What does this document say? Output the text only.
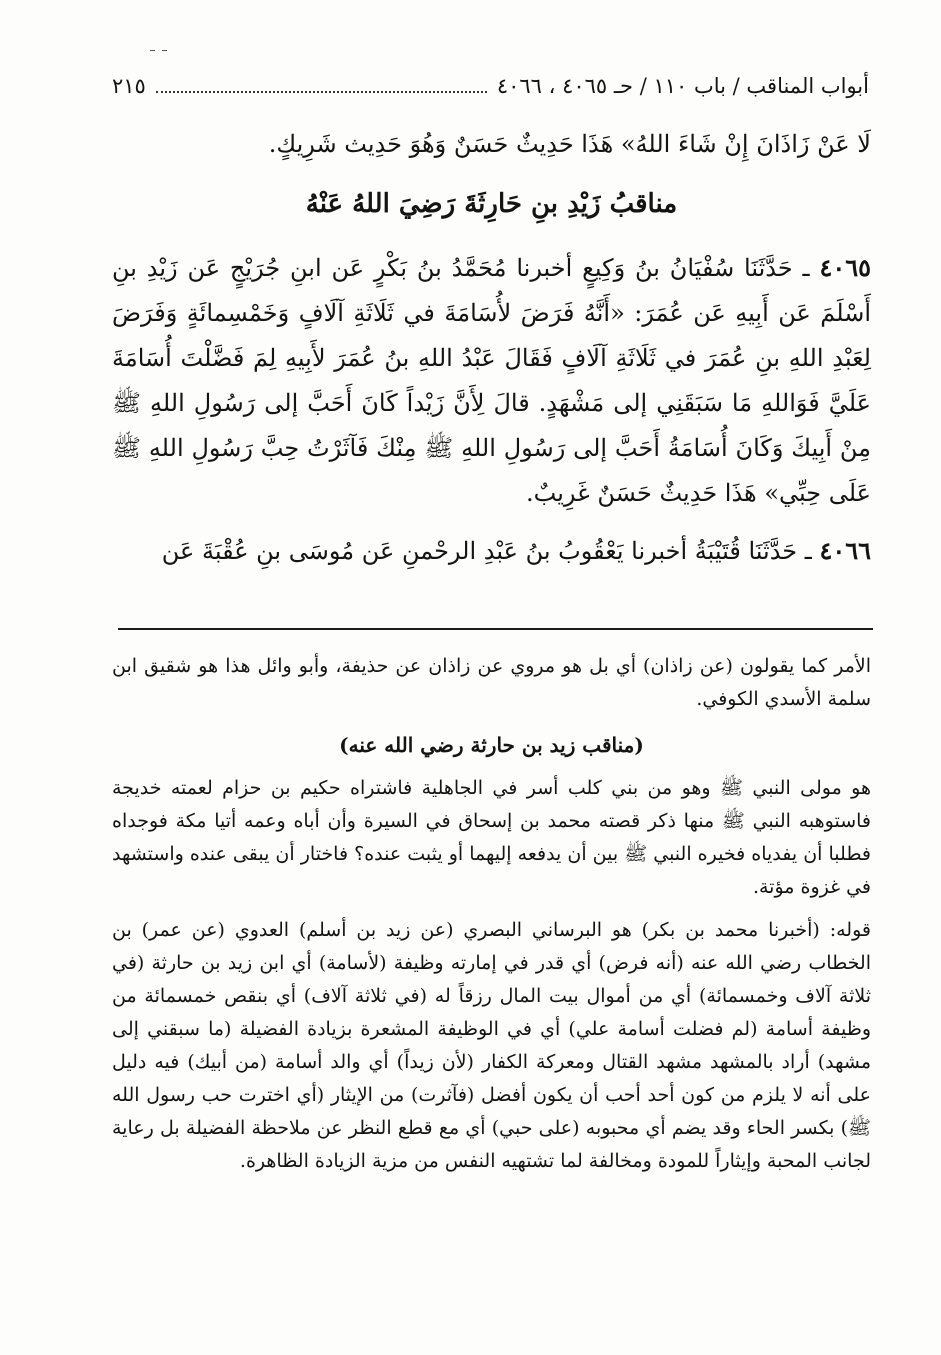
أبواب المناقب / باب ١١٠ / حـ ٤٠٦٥ ، ٤٠٦٦
٢١٥

لَا عَنْ زَاذَانَ إِنْ شَاءَ اللهُ» هَذَا حَدِيثٌ حَسَنٌ وَهُوَ حَدِيث شَرِيكٍ.

مناقبُ زَيْدِ بنِ حَارِثَةَ رَضِيَ اللهُ عَنْهُ

٤٠٦٥ ـ حَدَّثَنَا سُفْيَانُ بنُ وَكِيعٍ أخبرنا مُحَمَّدُ بنُ بَكْرٍ عَن ابنِ جُرَيْجٍ عَن زَيْدِ بنِ أَسْلَمَ عَن أَبِيهِ عَن عُمَرَ: «أَنَّهُ فَرَضَ لأُسَامَةَ في ثَلَاثَةِ آلَافٍ وَخَمْسِمائَةٍ وَفَرَضَ لِعَبْدِ اللهِ بنِ عُمَرَ في ثَلَاثَةِ آلَافٍ فَقَالَ عَبْدُ اللهِ بنُ عُمَرَ لأَبِيهِ لِمَ فَضَّلْتَ أُسَامَةَ عَلَيَّ فَوَاللهِ مَا سَبَقَنِي إلى مَشْهَدٍ. قالَ لِأَنَّ زَيْداً كَانَ أَحَبَّ إلى رَسُولِ اللهِ ﷺ مِنْ أَبِيكَ وَكَانَ أُسَامَةُ أَحَبَّ إلى رَسُولِ اللهِ ﷺ مِنْكَ فَآثَرْتُ حِبَّ رَسُولِ اللهِ ﷺ عَلَى حِبِّي» هَذَا حَدِيثٌ حَسَنٌ غَرِيبٌ.

٤٠٦٦ ـ حَدَّثَنَا قُتَيْبَةُ أخبرنا يَعْقُوبُ بنُ عَبْدِ الرحْمنِ عَن مُوسَى بنِ عُقْبَةَ عَن

الأمر كما يقولون (عن زاذان) أي بل هو مروي عن زاذان عن حذيفة، وأبو وائل هذا هو شقيق ابن سلمة الأسدي الكوفي.

(مناقب زيد بن حارثة رضي الله عنه)

هو مولى النبي ﷺ وهو من بني كلب أسر في الجاهلية فاشتراه حكيم بن حزام لعمته خديجة فاستوهبه النبي ﷺ منها ذكر قصته محمد بن إسحاق في السيرة وأن أباه وعمه أتيا مكة فوجداه فطلبا أن يفدياه فخيره النبي ﷺ بين أن يدفعه إليهما أو يثبت عنده؟ فاختار أن يبقى عنده واستشهد في غزوة مؤتة.

قوله: (أخبرنا محمد بن بكر) هو البرساني البصري (عن زيد بن أسلم) العدوي (عن عمر) بن الخطاب رضي الله عنه (أنه فرض) أي قدر في إمارته وظيفة (لأسامة) أي ابن زيد بن حارثة (في ثلاثة آلاف وخمسمائة) أي من أموال بيت المال رزقاً له (في ثلاثة آلاف) أي بنقص خمسمائة من وظيفة أسامة (لم فضلت أسامة علي) أي في الوظيفة المشعرة بزيادة الفضيلة (ما سبقني إلى مشهد) أراد بالمشهد مشهد القتال ومعركة الكفار (لأن زيداً) أي والد أسامة (من أبيك) فيه دليل على أنه لا يلزم من كون أحد أحب أن يكون أفضل (فآثرت) من الإيثار (أي اخترت حب رسول الله ﷺ) بكسر الحاء وقد يضم أي محبوبه (على حبي) أي مع قطع النظر عن ملاحظة الفضيلة بل رعاية لجانب المحبة وإيثاراً للمودة ومخالفة لما تشتهيه النفس من مزية الزيادة الظاهرة.
